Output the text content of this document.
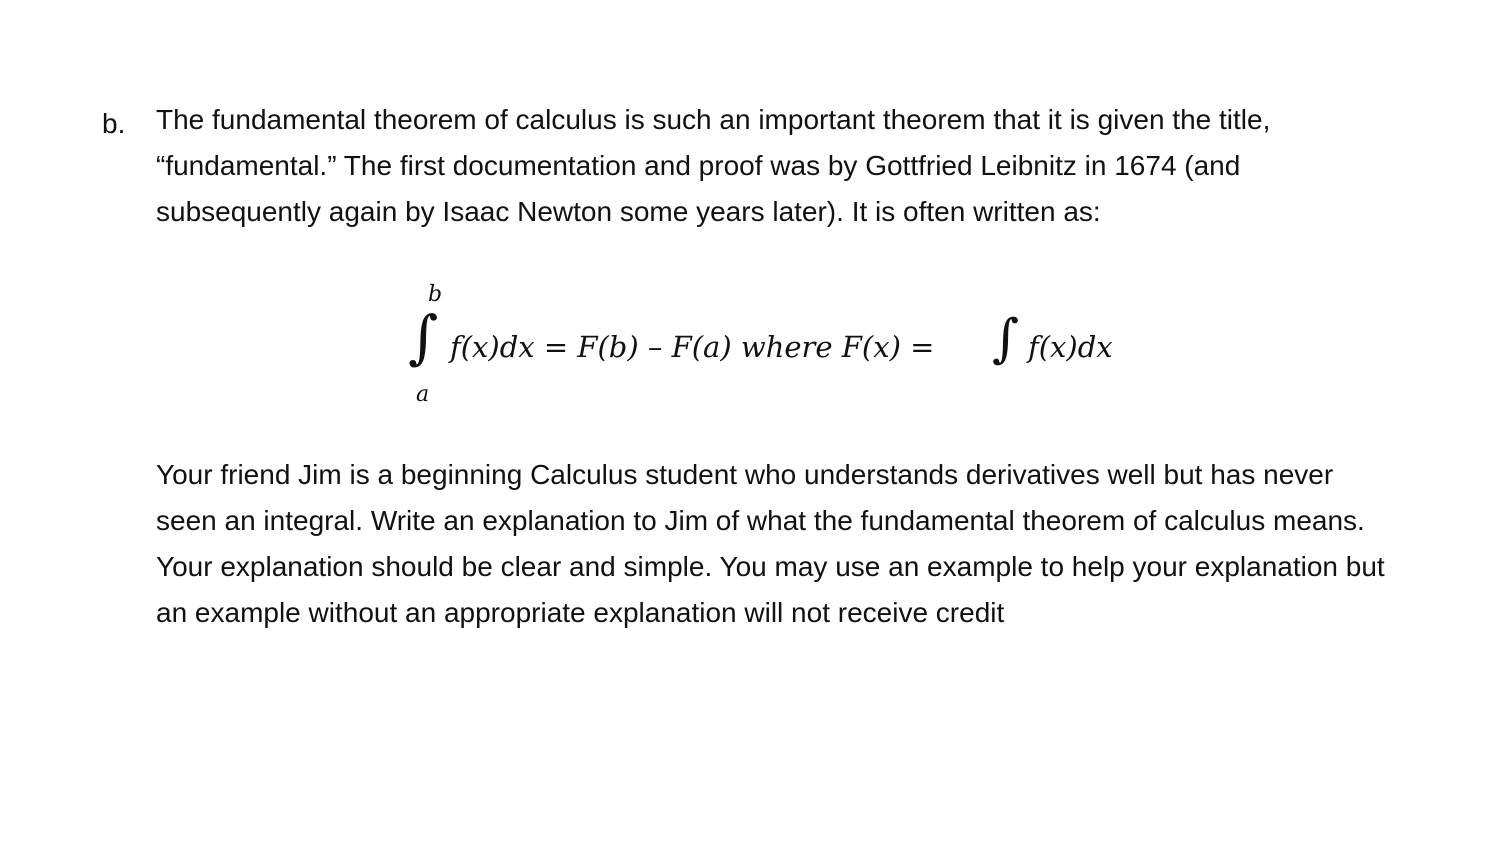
b. The fundamental theorem of calculus is such an important theorem that it is given the title, “fundamental.” The first documentation and proof was by Gottfried Leibnitz in 1674 (and subsequently again by Isaac Newton some years later). It is often written as:

b
∫
a
f(x)dx = F(b) – F(a) where F(x) = ∫ f(x)dx

Your friend Jim is a beginning Calculus student who understands derivatives well but has never seen an integral. Write an explanation to Jim of what the fundamental theorem of calculus means. Your explanation should be clear and simple. You may use an example to help your explanation but an example without an appropriate explanation will not receive credit
